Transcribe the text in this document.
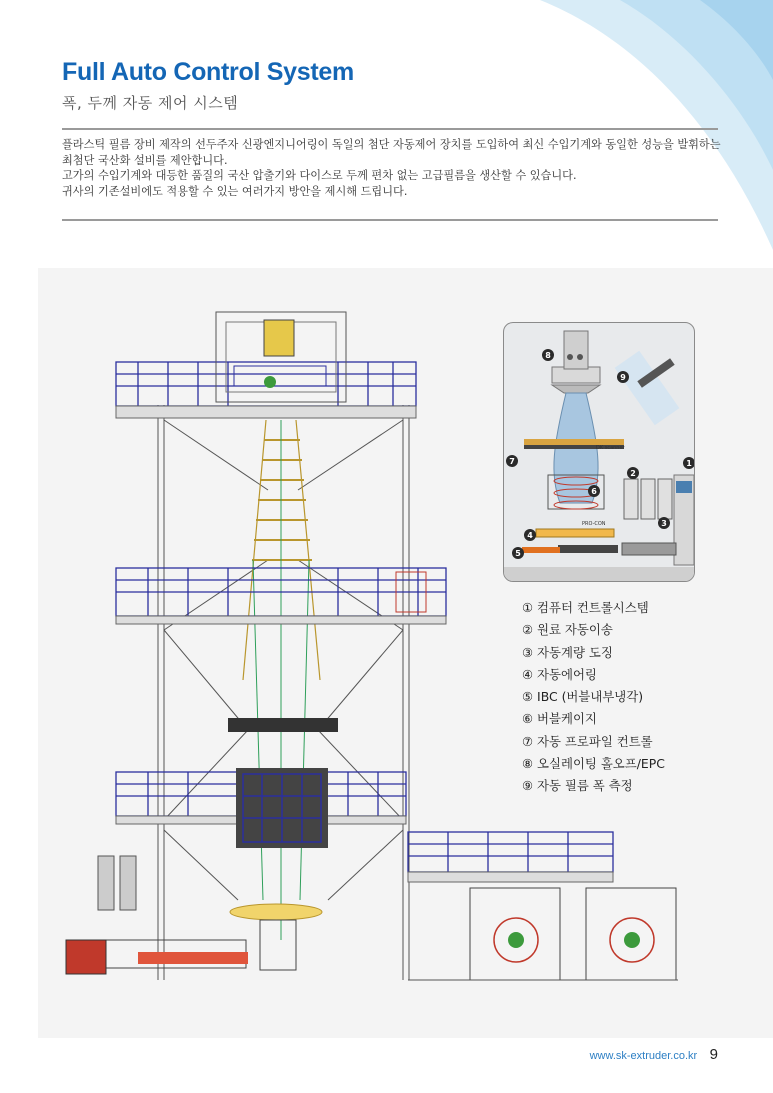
Full Auto Control System
폭, 두께 자동 제어 시스템

플라스틱 필름 장비 제작의 선두주자 신광엔지니어링이 독일의 첨단 자동제어 장치를 도입하여 최신 수입기계와 동일한 성능을 발휘하는 최첨단 국산화 설비를 제안합니다.

고가의 수입기계와 대등한 품질의 국산 압출기와 다이스로 두께 편차 없는 고급필름을 생산할 수 있습니다.

귀사의 기존설비에도 적용할 수 있는 여러가지 방안을 제시해 드립니다.

1
2
3
4
5
6
7
8
9
DK scanner
PRO-CON
① 컴퓨터 컨트롤시스템
② 원료 자동이송
③ 자동계량 도징
④ 자동에어링
⑤ IBC (버블내부냉각)
⑥ 버블케이지
⑦ 자동 프로파일 컨트롤
⑧ 오실레이팅 홀오프/EPC
⑨ 자동 필름 폭 측정
www.sk-extruder.co.kr 9
